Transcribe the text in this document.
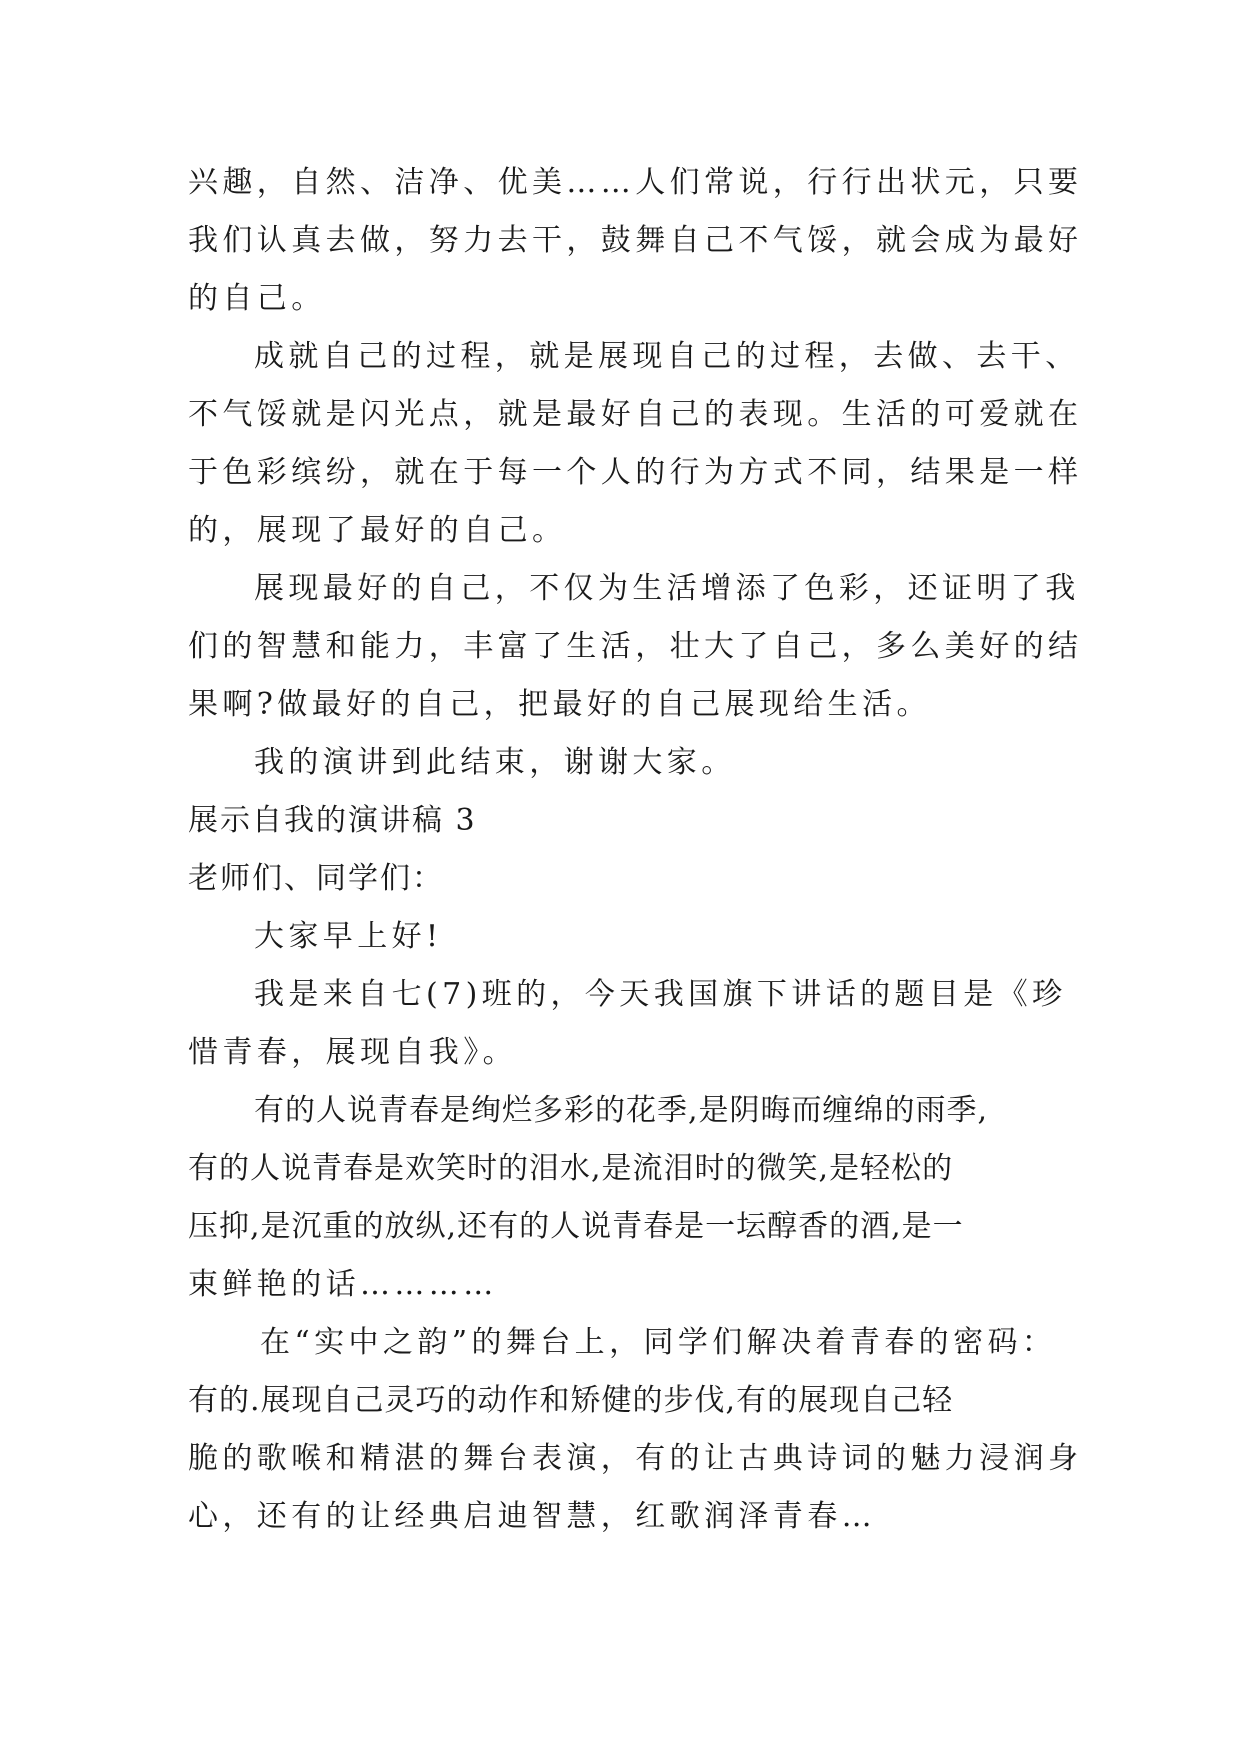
兴趣，自然、洁净、优美……人们常说，行行出状元，只要
我们认真去做，努力去干，鼓舞自己不气馁，就会成为最好
的自己。
成就自己的过程，就是展现自己的过程，去做、去干、
不气馁就是闪光点，就是最好自己的表现。生活的可爱就在
于色彩缤纷，就在于每一个人的行为方式不同，结果是一样
的，展现了最好的自己。
展现最好的自己，不仅为生活增添了色彩，还证明了我
们的智慧和能力，丰富了生活，壮大了自己，多么美好的结
果啊?做最好的自己，把最好的自己展现给生活。
我的演讲到此结束，谢谢大家。
展示自我的演讲稿 3
老师们、同学们：
大家早上好!
我是来自七(7)班的，今天我国旗下讲话的题目是《珍
惜青春，展现自我》。
有的人说青春是绚烂多彩的花季,是阴晦而缠绵的雨季,
有的人说青春是欢笑时的泪水,是流泪时的微笑,是轻松的
压抑,是沉重的放纵,还有的人说青春是一坛醇香的酒,是一
束鲜艳的话…………
在“实中之韵”的舞台上，同学们解决着青春的密码：
有的.展现自己灵巧的动作和矫健的步伐,有的展现自己轻
脆的歌喉和精湛的舞台表演，有的让古典诗词的魅力浸润身
心，还有的让经典启迪智慧，红歌润泽青春…
